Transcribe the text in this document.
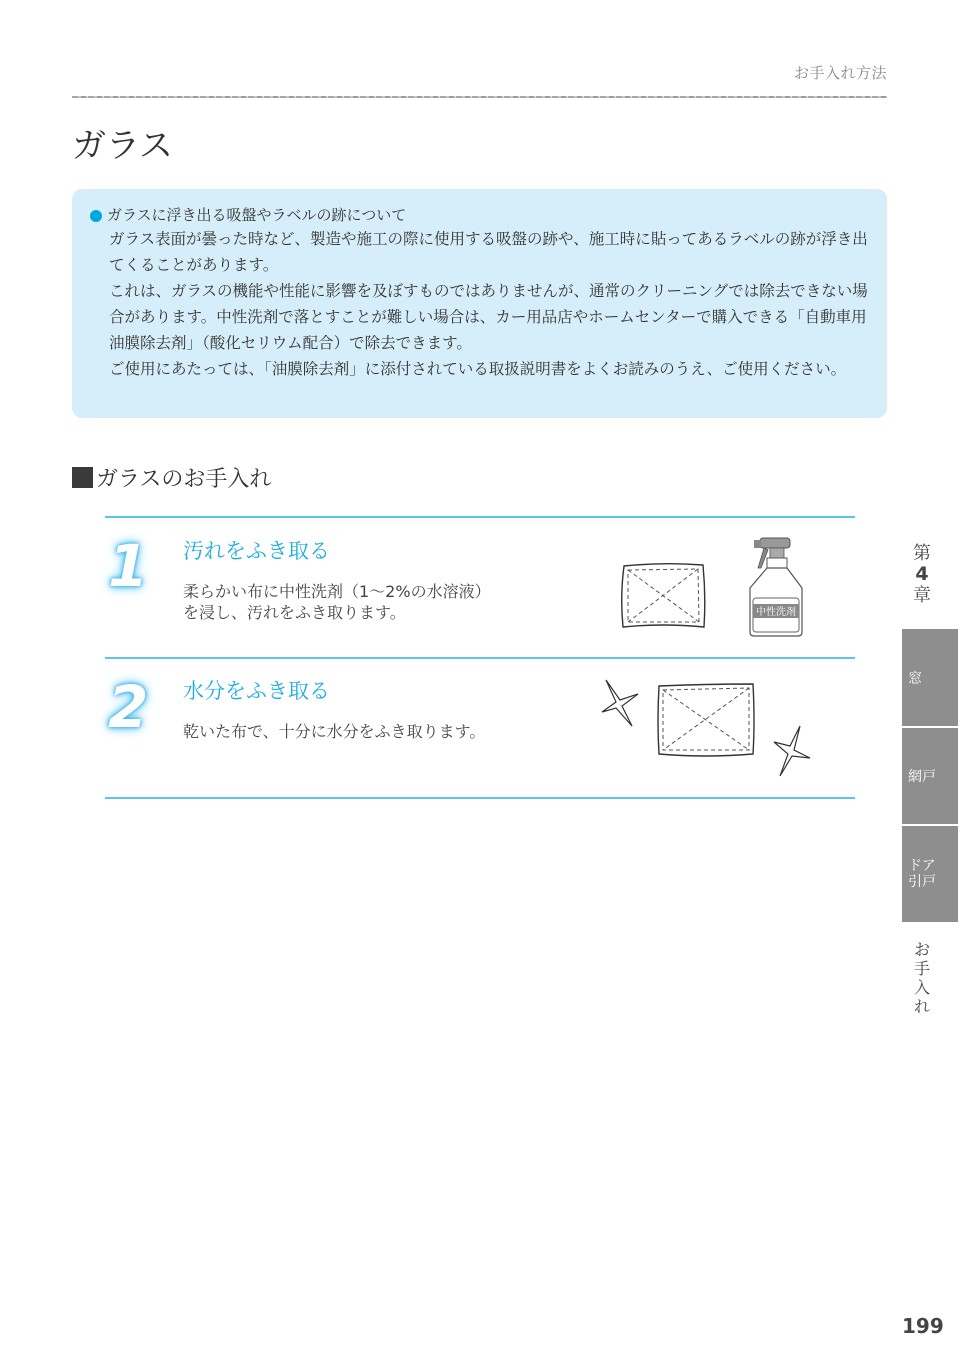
お手入れ方法
ガラス
ガラスに浮き出る吸盤やラベルの跡について

ガラス表面が曇った時など、製造や施工の際に使用する吸盤の跡や、施工時に貼ってあるラベルの跡が浮き出てくることがあります。

これは、ガラスの機能や性能に影響を及ぼすものではありませんが、通常のクリーニングでは除去できない場合があります。中性洗剤で落とすことが難しい場合は、カー用品店やホームセンターで購入できる「自動車用油膜除去剤」（酸化セリウム配合）で除去できます。

ご使用にあたっては、「油膜除去剤」に添付されている取扱説明書をよくお読みのうえ、ご使用ください。

ガラスのお手入れ
1 汚れをふき取る
柔らかい布に中性洗剤（1～2%の水溶液）
を浸し、汚れをふき取ります。	中性洗剤
2 水分をふき取る
乾いた布で、十分に水分をふき取ります。
第
4
章
窓
網戸
ドア
引戸
お
手
入
れ
199
